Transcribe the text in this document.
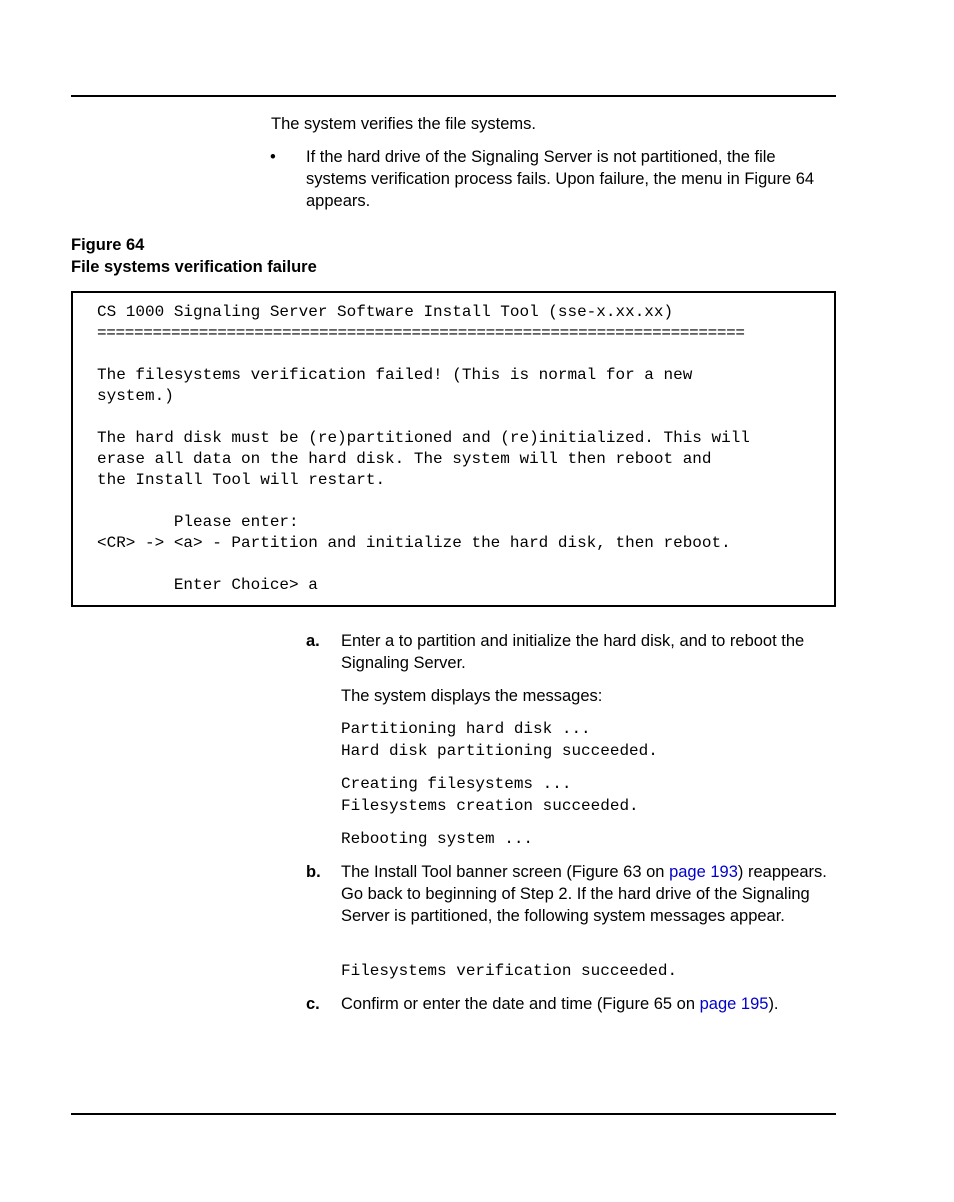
The system verifies the file systems.

• If the hard drive of the Signaling Server is not partitioned, the file systems verification process fails. Upon failure, the menu in Figure 64 appears.

Figure 64
File systems verification failure
CS 1000 Signaling Server Software Install Tool (sse-x.xx.xx)
======================================================================
The filesystems verification failed! (This is normal for a new
system.)
The hard disk must be (re)partitioned and (re)initialized. This will
erase all data on the hard disk. The system will then reboot and
the Install Tool will restart.
Please enter:
<CR> -> <a> - Partition and initialize the hard disk, then reboot.
Enter Choice> a
a. Enter a to partition and initialize the hard disk, and to reboot the Signaling Server.

The system displays the messages:

Partitioning hard disk ...
Hard disk partitioning succeeded.
Creating filesystems ...
Filesystems creation succeeded.
Rebooting system ...
b. The Install Tool banner screen (Figure 63 on page 193) reappears. Go back to beginning of Step 2. If the hard drive of the Signaling Server is partitioned, the following system messages appear.

Filesystems verification succeeded.
c. Confirm or enter the date and time (Figure 65 on page 195).
